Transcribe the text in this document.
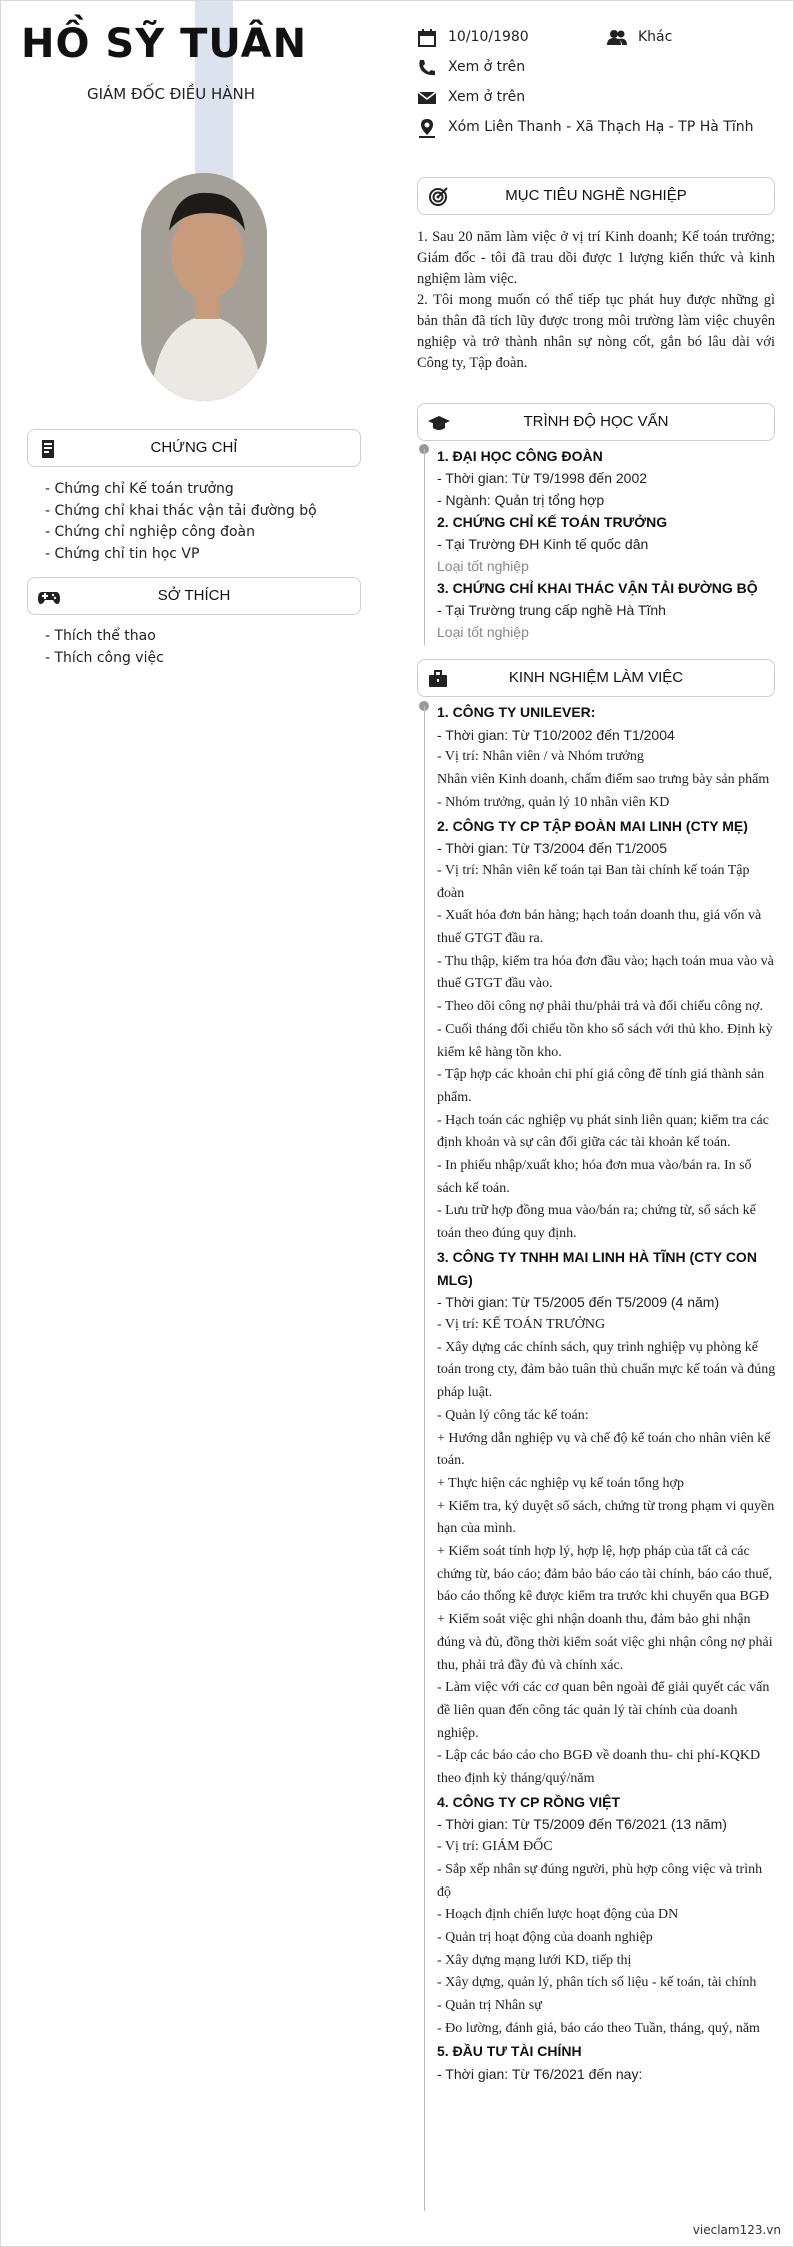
HỒ SỸ TUÂN
GIÁM ĐỐC ĐIỀU HÀNH
10/10/1980	Khác
Xem ở trên
Xem ở trên
Xóm Liên Thanh - Xã Thạch Hạ - TP Hà Tĩnh
MỤC TIÊU NGHỀ NGHIỆP

1. Sau 20 năm làm việc ở vị trí Kinh doanh; Kế toán trưởng; Giám đốc - tôi đã trau dồi được 1 lượng kiến thức và kinh nghiệm làm việc.

2. Tôi mong muốn có thể tiếp tục phát huy được những gì bản thân đã tích lũy được trong môi trường làm việc chuyên nghiệp và trở thành nhân sự nòng cốt, gắn bó lâu dài với Công ty, Tập đoàn.

TRÌNH ĐỘ HỌC VẤN
1. ĐẠI HỌC CÔNG ĐOÀN
- Thời gian: Từ T9/1998 đến 2002
- Ngành: Quản trị tổng hợp
2. CHỨNG CHỈ KẾ TOÁN TRƯỞNG
- Tại Trường ĐH Kinh tế quốc dân
Loại tốt nghiệp
3. CHỨNG CHỈ KHAI THÁC VẬN TẢI ĐƯỜNG BỘ
- Tại Trường trung cấp nghề Hà Tĩnh
Loại tốt nghiệp
KINH NGHIỆM LÀM VIỆC
1. CÔNG TY UNILEVER:
- Thời gian: Từ T10/2002 đến T1/2004
- Vị trí: Nhân viên / và Nhóm trưởng
Nhân viên Kinh doanh, chấm điểm sao trưng bày sản phẩm
- Nhóm trưởng, quản lý 10 nhân viên KD
2. CÔNG TY CP TẬP ĐOÀN MAI LINH (CTY MẸ)
- Thời gian: Từ T3/2004 đến T1/2005
- Vị trí: Nhân viên kế toán tại Ban tài chính kế toán Tập đoàn
- Xuất hóa đơn bán hàng; hạch toán doanh thu, giá vốn và thuế GTGT đầu ra.
- Thu thập, kiểm tra hóa đơn đầu vào; hạch toán mua vào và thuế GTGT đầu vào.
- Theo dõi công nợ phải thu/phải trả và đối chiếu công nợ.
- Cuối tháng đối chiếu tồn kho sổ sách với thủ kho. Định kỳ kiểm kê hàng tồn kho.
- Tập hợp các khoản chi phí giá công để tính giá thành sản phẩm.
- Hạch toán các nghiệp vụ phát sinh liên quan; kiểm tra các định khoản và sự cân đối giữa các tài khoản kế toán.
- In phiếu nhập/xuất kho; hóa đơn mua vào/bán ra. In sổ sách kế toán.
- Lưu trữ hợp đồng mua vào/bán ra; chứng từ, sổ sách kế toán theo đúng quy định.
3. CÔNG TY TNHH MAI LINH HÀ TĨNH (CTY CON MLG)
- Thời gian: Từ T5/2005 đến T5/2009 (4 năm)
- Vị trí: KẾ TOÁN TRƯỞNG
- Xây dựng các chính sách, quy trình nghiệp vụ phòng kế toán trong cty, đảm bảo tuân thủ chuẩn mực kế toán và đúng pháp luật.
- Quản lý công tác kế toán:
+ Hướng dẫn nghiệp vụ và chế độ kế toán cho nhân viên kế toán.
+ Thực hiện các nghiệp vụ kế toán tổng hợp
+ Kiểm tra, ký duyệt sổ sách, chứng từ trong phạm vi quyền hạn của mình.
+ Kiểm soát tính hợp lý, hợp lệ, hợp pháp của tất cả các chứng từ, báo cáo; đảm bảo báo cáo tài chính, báo cáo thuế, báo cáo thống kê được kiểm tra trước khi chuyển qua BGĐ
+ Kiểm soát việc ghi nhận doanh thu, đảm bảo ghi nhận đúng và đủ, đồng thời kiểm soát việc ghi nhận công nợ phải thu, phải trả đầy đủ và chính xác.
- Làm việc với các cơ quan bên ngoài để giải quyết các vấn đề liên quan đến công tác quản lý tài chính của doanh nghiệp.
- Lập các báo cáo cho BGĐ về doanh thu- chi phí-KQKD theo định kỳ tháng/quý/năm
4. CÔNG TY CP RỒNG VIỆT
- Thời gian: Từ T5/2009 đến T6/2021 (13 năm)
- Vị trí: GIÁM ĐỐC
- Sắp xếp nhân sự đúng người, phù hợp công việc và trình độ
- Hoạch định chiến lược hoạt động của DN
- Quản trị hoạt động của doanh nghiệp
- Xây dựng mạng lưới KD, tiếp thị
- Xây dựng, quản lý, phân tích số liệu - kế toán, tài chính
- Quản trị Nhân sự
- Đo lường, đánh giá, báo cáo theo Tuần, tháng, quý, năm
5. ĐẦU TƯ TÀI CHÍNH
- Thời gian: Từ T6/2021 đến nay:
CHỨNG CHỈ
- Chứng chỉ Kế toán trưởng
- Chứng chỉ khai thác vận tải đường bộ
- Chứng chỉ nghiệp công đoàn
- Chứng chỉ tin học VP
SỞ THÍCH
- Thích thể thao
- Thích công việc
vieclam123.vn
